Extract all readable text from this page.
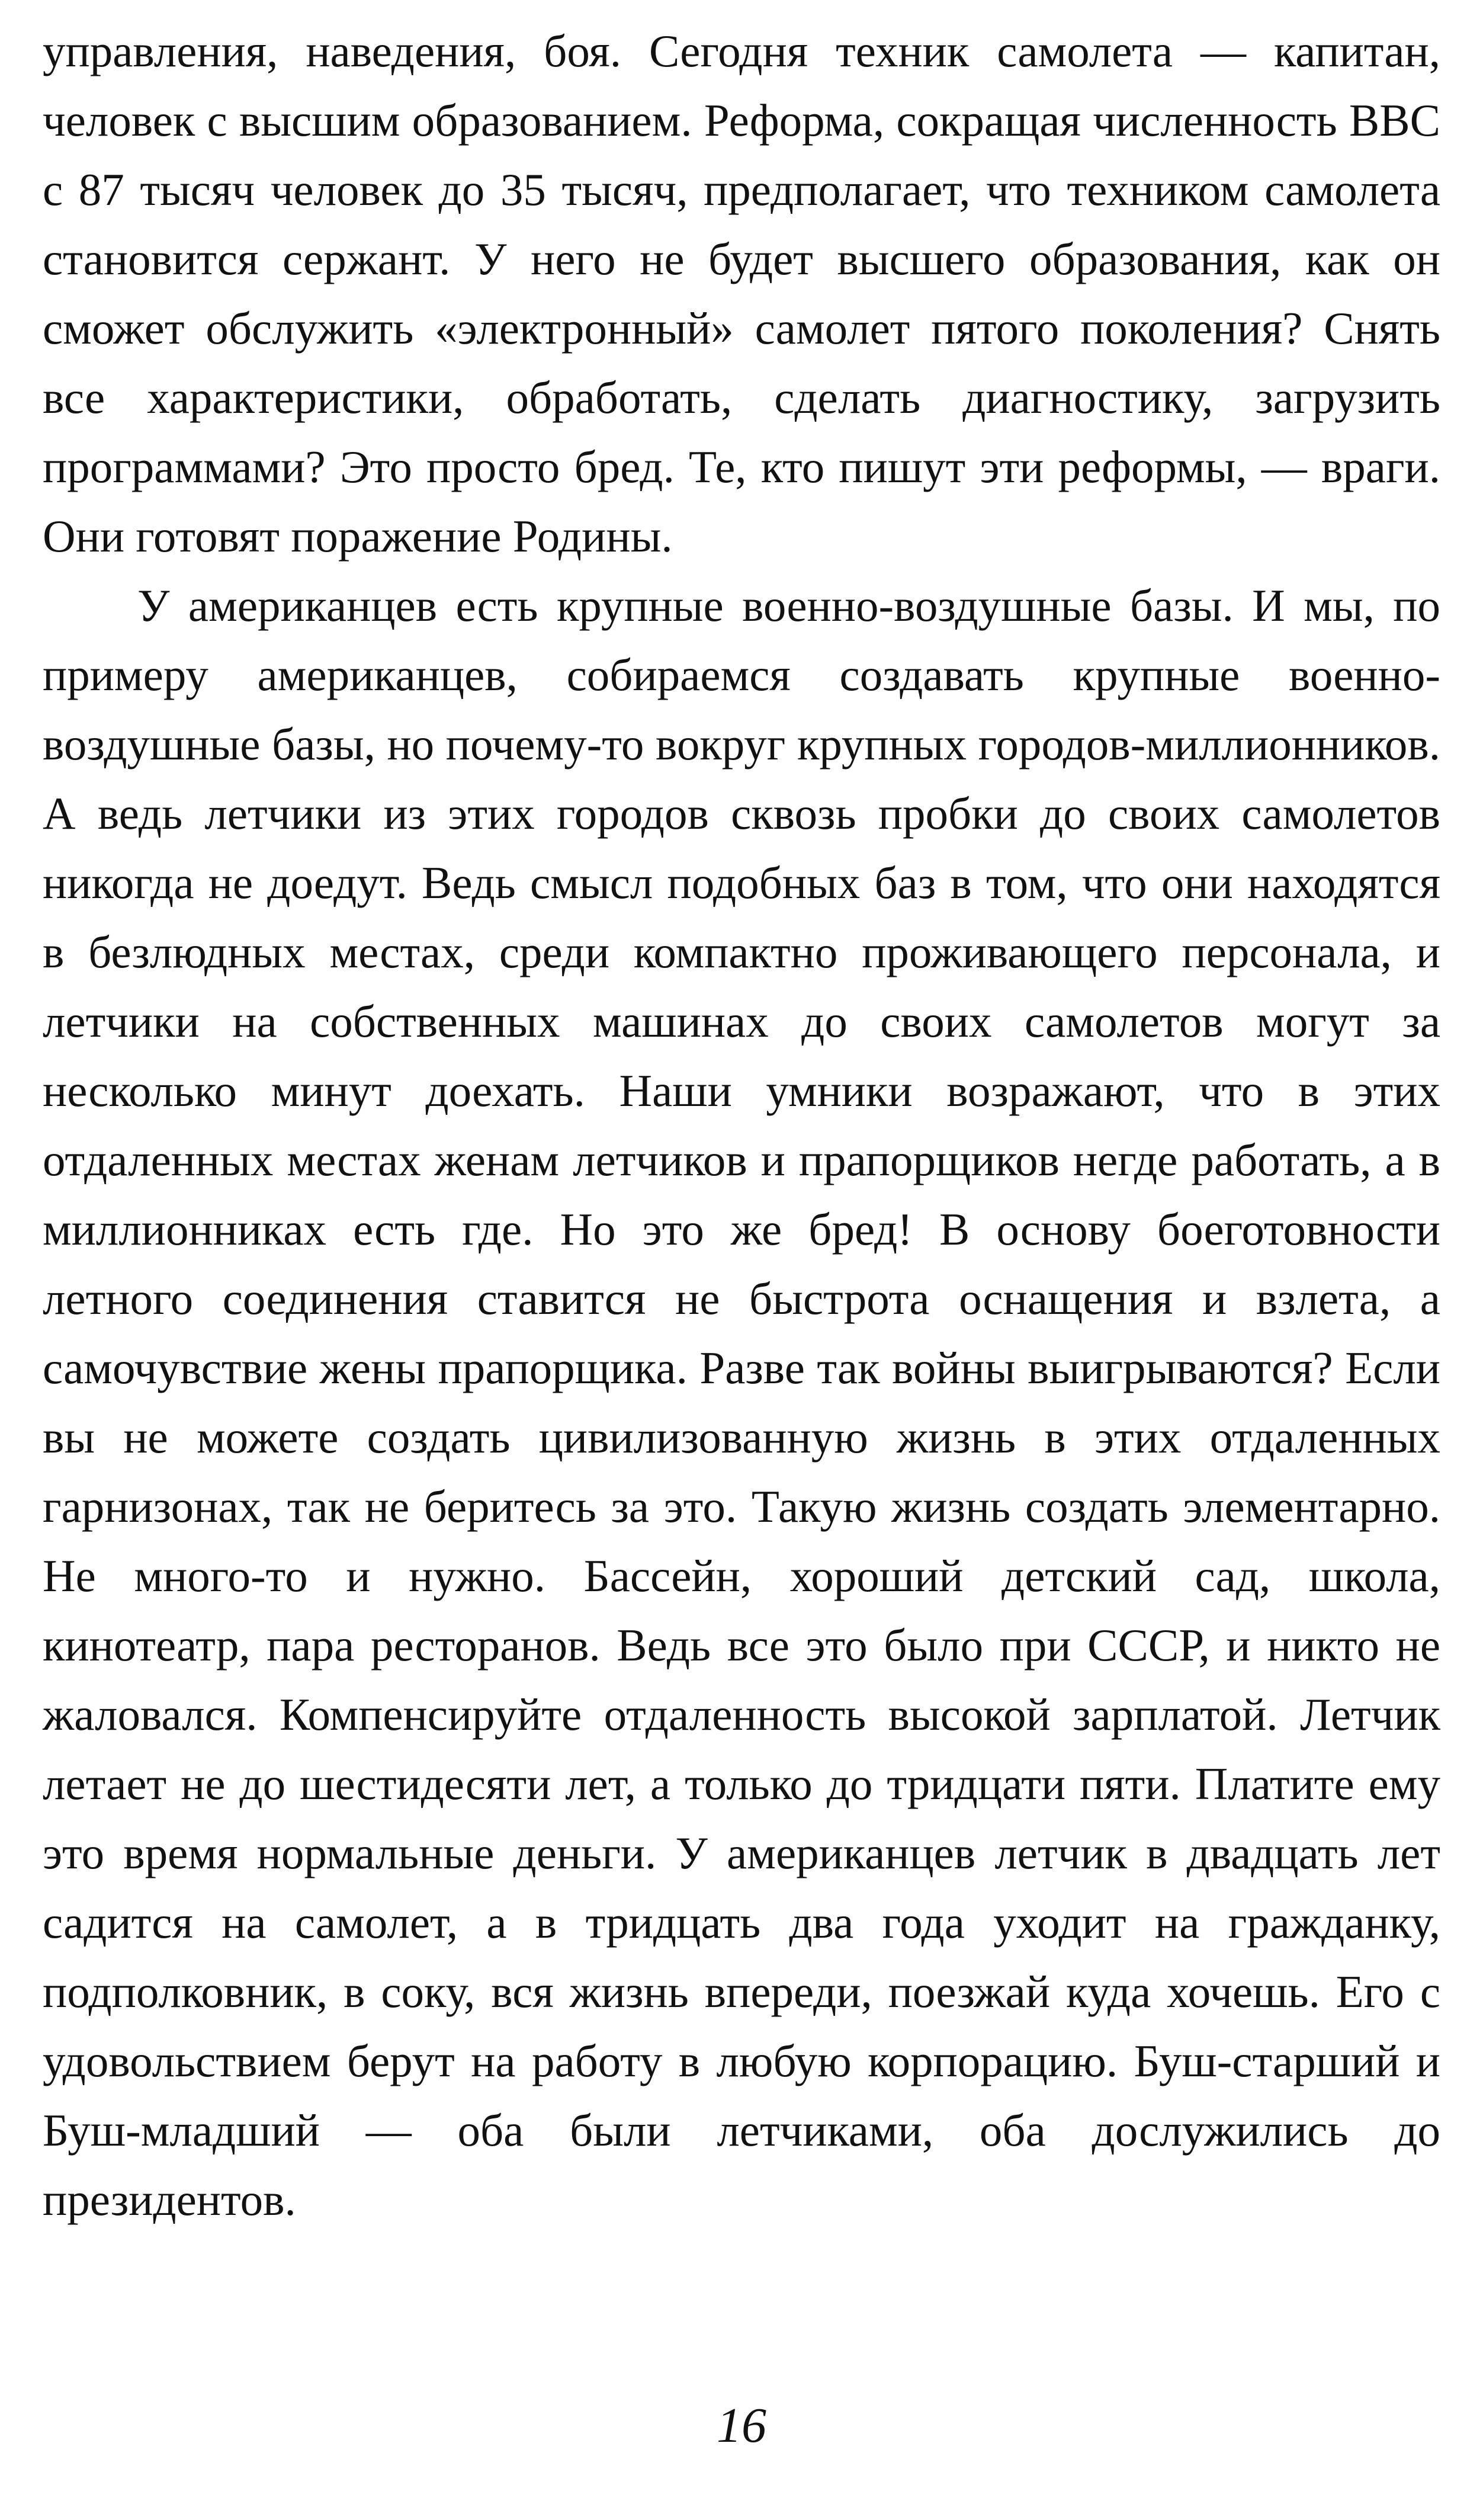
управления, наведения, боя. Сегодня техник самолета — капитан, человек с высшим образованием. Реформа, сокращая численность ВВС с 87 тысяч человек до 35 тысяч, предполагает, что техником самолета становится сержант. У него не будет высшего образования, как он сможет обслужить «электронный» самолет пятого поколения? Снять все характеристики, обработать, сделать диагностику, загрузить программами? Это просто бред. Те, кто пишут эти реформы, — враги. Они готовят поражение Родины.

У американцев есть крупные военно-воздушные базы. И мы, по примеру американцев, собираемся создавать крупные военно-воздушные базы, но почему-то вокруг крупных городов-миллионников. А ведь летчики из этих городов сквозь пробки до своих самолетов никогда не доедут. Ведь смысл подобных баз в том, что они находятся в безлюдных местах, среди компактно проживающего персонала, и летчики на собственных машинах до своих самолетов могут за несколько минут доехать. Наши умники возражают, что в этих отдаленных местах женам летчиков и прапорщиков негде работать, а в миллионниках есть где. Но это же бред! В основу боеготовности летного соединения ставится не быстрота оснащения и взлета, а самочувствие жены прапорщика. Разве так войны выигрываются? Если вы не можете создать цивилизованную жизнь в этих отдаленных гарнизонах, так не беритесь за это. Такую жизнь создать элементарно. Не много-то и нужно. Бассейн, хороший детский сад, школа, кинотеатр, пара ресторанов. Ведь все это было при СССР, и никто не жаловался. Компенсируйте отдаленность высокой зарплатой. Летчик летает не до шестидесяти лет, а только до тридцати пяти. Платите ему это время нормальные деньги. У американцев летчик в двадцать лет садится на самолет, а в тридцать два года уходит на гражданку, подполковник, в соку, вся жизнь впереди, поезжай куда хочешь. Его с удовольствием берут на работу в любую корпорацию. Буш-старший и Буш-младший — оба были летчиками, оба дослужились до президентов.

16
